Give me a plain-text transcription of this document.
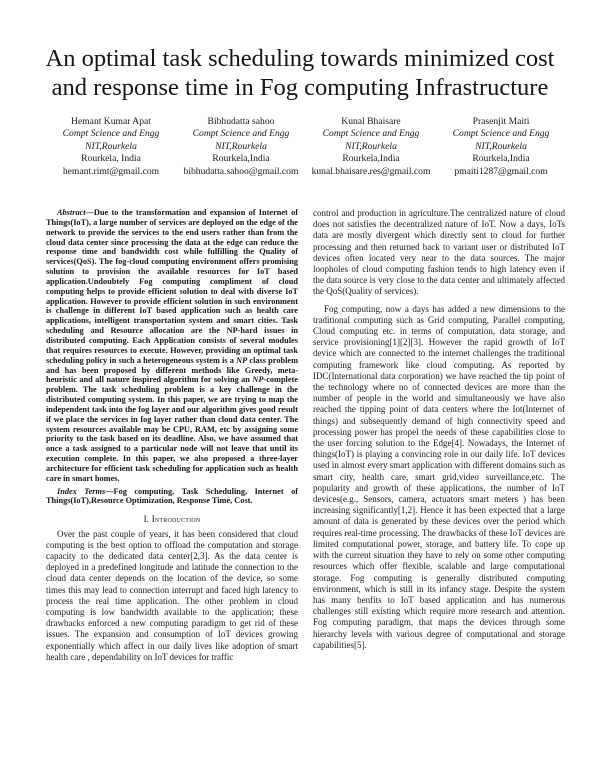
An optimal task scheduling towards minimized cost and response time in Fog computing Infrastructure
Hemant Kumar Apat
Compt Science and Engg
NIT,Rourkela
Rourkela, India
hemant.rimt@gmail.com
Bibhudatta sahoo
Compt Science and Engg
NIT,Rourkela
Rourkela,India
bibhudatta.sahoo@gmail.com
Kunal Bhaisare
Compt Science and Engg
NIT,Rourkela
Rourkela,India
kunal.bhaisare.res@gmail.com
Prasenjit Maiti
Compt Science and Engg
NIT,Rourkela
Rourkela,India
pmaiti1287@gmail.com

Abstract—Due to the transformation and expansion of Internet of Things(IoT), a large number of services are deployed on the edge of the network to provide the services to the end users rather than from the cloud data center since processing the data at the edge can reduce the response time and bandwidth cost while fulfilling the Quality of services(QoS). The fog-cloud computing environment offers promising solution to provision the available resources for IoT based application.Undoubtely Fog computing compliment of cloud computing helps to provide efficient solution to deal with diverse IoT application. However to provide efficient solution in such environment is challenge in different IoT based application such as health care applications, intelligent transportation system and smart cities. Task scheduling and Resource allocation are the NP-hard issues in distributed computing. Each Application consists of several modules that requires resources to execute. However, providing an optimal task scheduling policy in such a heterogeneous system is a NP class problem and has been proposed by different methods like Greedy, meta-heuristic and all nature inspired algorithm for solving an NP-complete problem. The task scheduling problem is a key challenge in the distributed computing system. In this paper, we are trying to map the independent task into the fog layer and our algorithm gives good result if we place the services in fog layer rather than cloud data center. The system resources available may be CPU, RAM, etc by assigning some priority to the task based on its deadline. Also, we have assumed that once a task assigned to a particular node will not leave that until its execution complete. In this paper, we also proposed a three-layer architecture for efficient task scheduling for application such as health care in smart homes.

Index Terms—Fog computing, Task Scheduling, Internet of Things(IoT),Resource Optimization, Response Time, Cost.

I. Introduction

Over the past couple of years, it has been considered that cloud computing is the best option to offload the computation and storage capacity to the dedicated data center[2,3]. As the data center is deployed in a predefined longitude and latitude the connection to the cloud data center depends on the location of the device, so some times this may lead to connection interrupt and faced high latency to process the real time application. The other problem in cloud computing is low bandwidth available to the application; these drawbacks enforced a new computing paradigm to get rid of these issues. The expansion and consumption of IoT devices growing exponentially which affect in our daily lives like adoption of smart health care , dependability on IoT devices for traffic

control and production in agriculture.The centralized nature of cloud does not satisfies the decentralized nature of IoT. Now a days, IoTs data are mostly divergent which directly sent to cloud for further processing and then returned back to variant user or distributed IoT devices often located very near to the data sources. The major loopholes of cloud computing fashion tends to high latency even if the data source is very close to the data center and ultimately affected the QoS(Quality of services).

Fog computing, now a days has added a new dimensions to the traditional computing such as Grid computing, Parallel computing, Cloud computing etc. in terms of computation, data storage, and service provisioning[1][2][3]. However the rapid growth of IoT device which are connected to the internet challenges the traditional computing framework like cloud computing. As reported by IDC(International data corporation) we have reached the tip point of the technology where no of connected devices are more than the number of people in the world and simultaneously we have also reached the tipping point of data centers where the Iot(Internet of things) and subsequently demand of high connectivity speed and processing power has propel the needs of these capabilities close to the user forcing solution to the Edge[4]. Nowadays, the Internet of things(IoT) is playing a convincing role in our daily life. IoT devices used in almost every smart application with different domains such as smart city, health care, smart grid,video surveillance,etc. The popularity and growth of these applications, the number of IoT devices(e.g., Sensors, camera, actuators smart meters ) has been increasing significantly[1,2]. Hence it has been expected that a large amount of data is generated by these devices over the period which requires real-time processing. The drawbacks of these IoT devices are limited computational power, storage, and battery life. To cope up with the current situation they have to rely on some other computing resources which offer flexible, scalable and large computational storage. Fog computing is generally distributed computing environment, which is still in its infancy stage. Despite the system has many benfits to IoT based application and has numerous challenges still existing which require more research and attention. Fog computing paradigm, that maps the devices through some hierarchy levels with various degree of computational and storage capabilities[5].
